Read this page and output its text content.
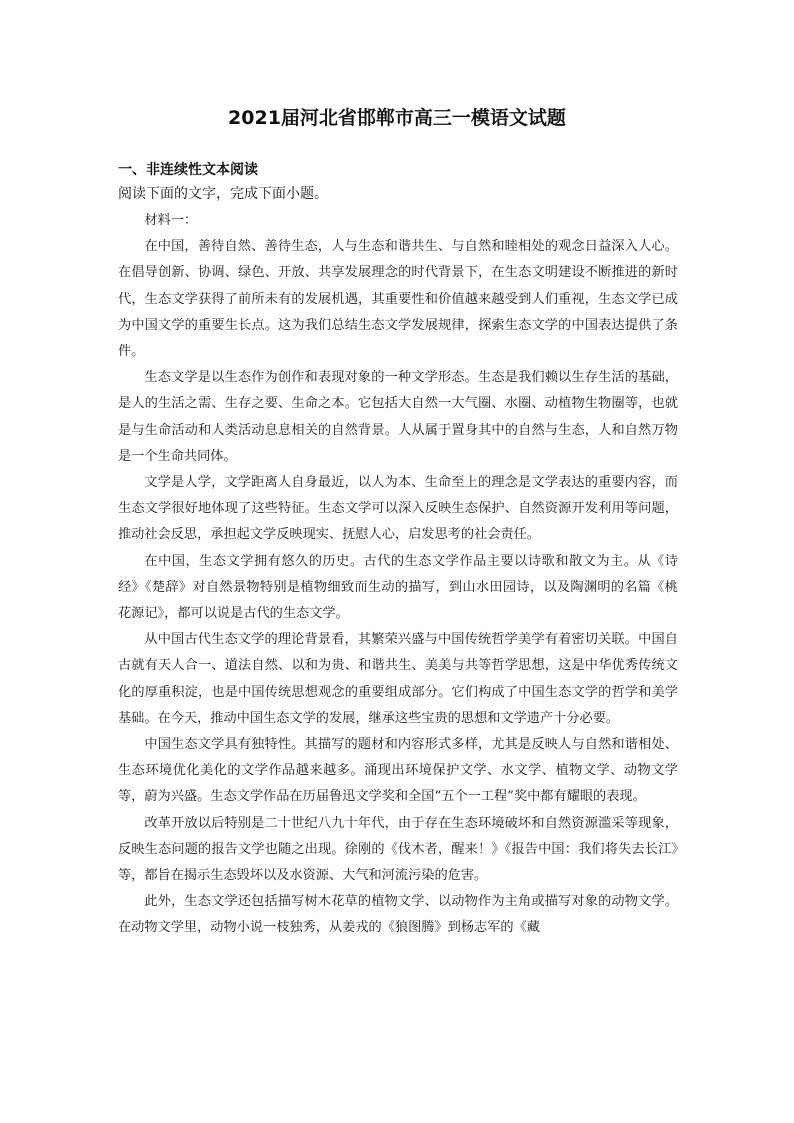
2021届河北省邯郸市高三一模语文试题
一、非连续性文本阅读
阅读下面的文字，完成下面小题。

材料一：

在中国，善待自然、善待生态，人与生态和谐共生、与自然和睦相处的观念日益深入人心。在倡导创新、协调、绿色、开放、共享发展理念的时代背景下，在生态文明建设不断推进的新时代，生态文学获得了前所未有的发展机遇，其重要性和价值越来越受到人们重视，生态文学已成为中国文学的重要生长点。这为我们总结生态文学发展规律，探索生态文学的中国表达提供了条件。

生态文学是以生态作为创作和表现对象的一种文学形态。生态是我们赖以生存生活的基础，是人的生活之需、生存之要、生命之本。它包括大自然一大气圈、水圈、动植物生物圈等，也就是与生命活动和人类活动息息相关的自然背景。人从属于置身其中的自然与生态，人和自然万物是一个生命共同体。

文学是人学，文学距离人自身最近，以人为本、生命至上的理念是文学表达的重要内容，而生态文学很好地体现了这些特征。生态文学可以深入反映生态保护、自然资源开发利用等问题，推动社会反思，承担起文学反映现实、抚慰人心，启发思考的社会责任。

在中国，生态文学拥有悠久的历史。古代的生态文学作品主要以诗歌和散文为主。从《诗经》《楚辞》对自然景物特别是植物细致而生动的描写，到山水田园诗，以及陶渊明的名篇《桃花源记》，都可以说是古代的生态文学。

从中国古代生态文学的理论背景看，其繁荣兴盛与中国传统哲学美学有着密切关联。中国自古就有天人合一、道法自然、以和为贵、和谐共生、美美与共等哲学思想，这是中华优秀传统文化的厚重积淀，也是中国传统思想观念的重要组成部分。它们构成了中国生态文学的哲学和美学基础。在今天，推动中国生态文学的发展，继承这些宝贵的思想和文学遗产十分必要。

中国生态文学具有独特性。其描写的题材和内容形式多样，尤其是反映人与自然和谐相处、生态环境优化美化的文学作品越来越多。涌现出环境保护文学、水文学、植物文学、动物文学等，蔚为兴盛。生态文学作品在历届鲁迅文学奖和全国“五个一工程”奖中都有耀眼的表现。

改革开放以后特别是二十世纪八九十年代，由于存在生态环境破坏和自然资源滥采等现象，反映生态问题的报告文学也随之出现。徐刚的《伐木者，醒来！》《报告中国：我们将失去长江》等，都旨在揭示生态毁坏以及水资源、大气和河流污染的危害。

此外，生态文学还包括描写树木花草的植物文学、以动物作为主角或描写对象的动物文学。在动物文学里，动物小说一枝独秀，从姜戎的《狼图腾》到杨志军的《藏
